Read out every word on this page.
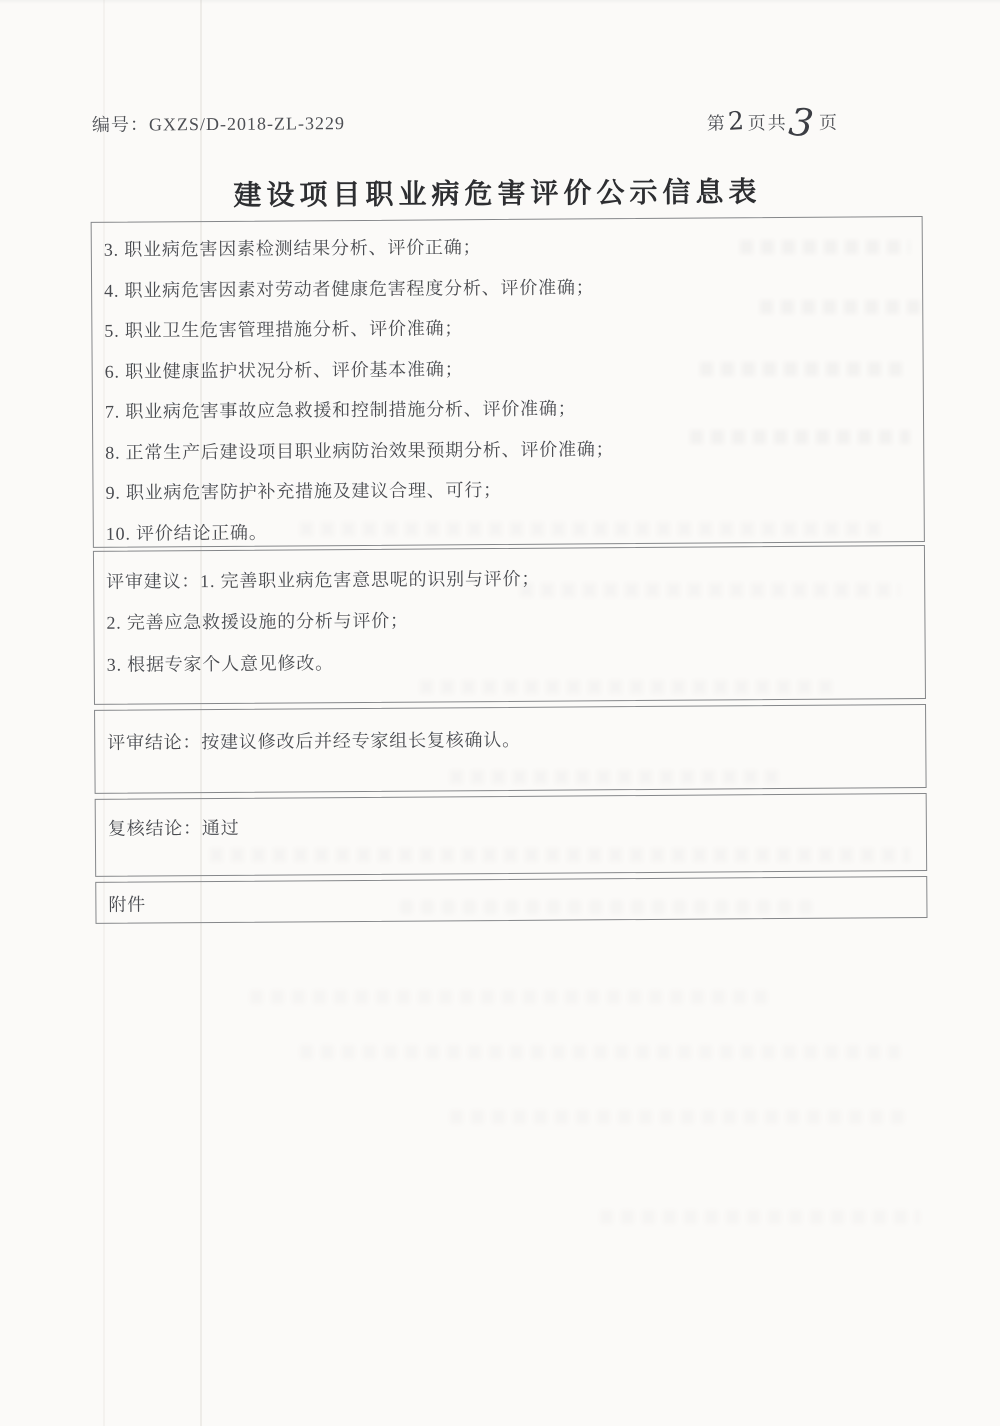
编号：GXZS/D-2018-ZL-3229	第 2 页共
3 页
建设项目职业病危害评价公示信息表
3. 职业病危害因素检测结果分析、评价正确；
4. 职业病危害因素对劳动者健康危害程度分析、评价准确；
5. 职业卫生危害管理措施分析、评价准确；
6. 职业健康监护状况分析、评价基本准确；
7. 职业病危害事故应急救援和控制措施分析、评价准确；
8. 正常生产后建设项目职业病防治效果预期分析、评价准确；
9. 职业病危害防护补充措施及建议合理、可行；
10. 评价结论正确。
评审建议：1. 完善职业病危害意思呢的识别与评价；
2. 完善应急救援设施的分析与评价；
3. 根据专家个人意见修改。
评审结论：按建议修改后并经专家组长复核确认。
复核结论：通过
附件
